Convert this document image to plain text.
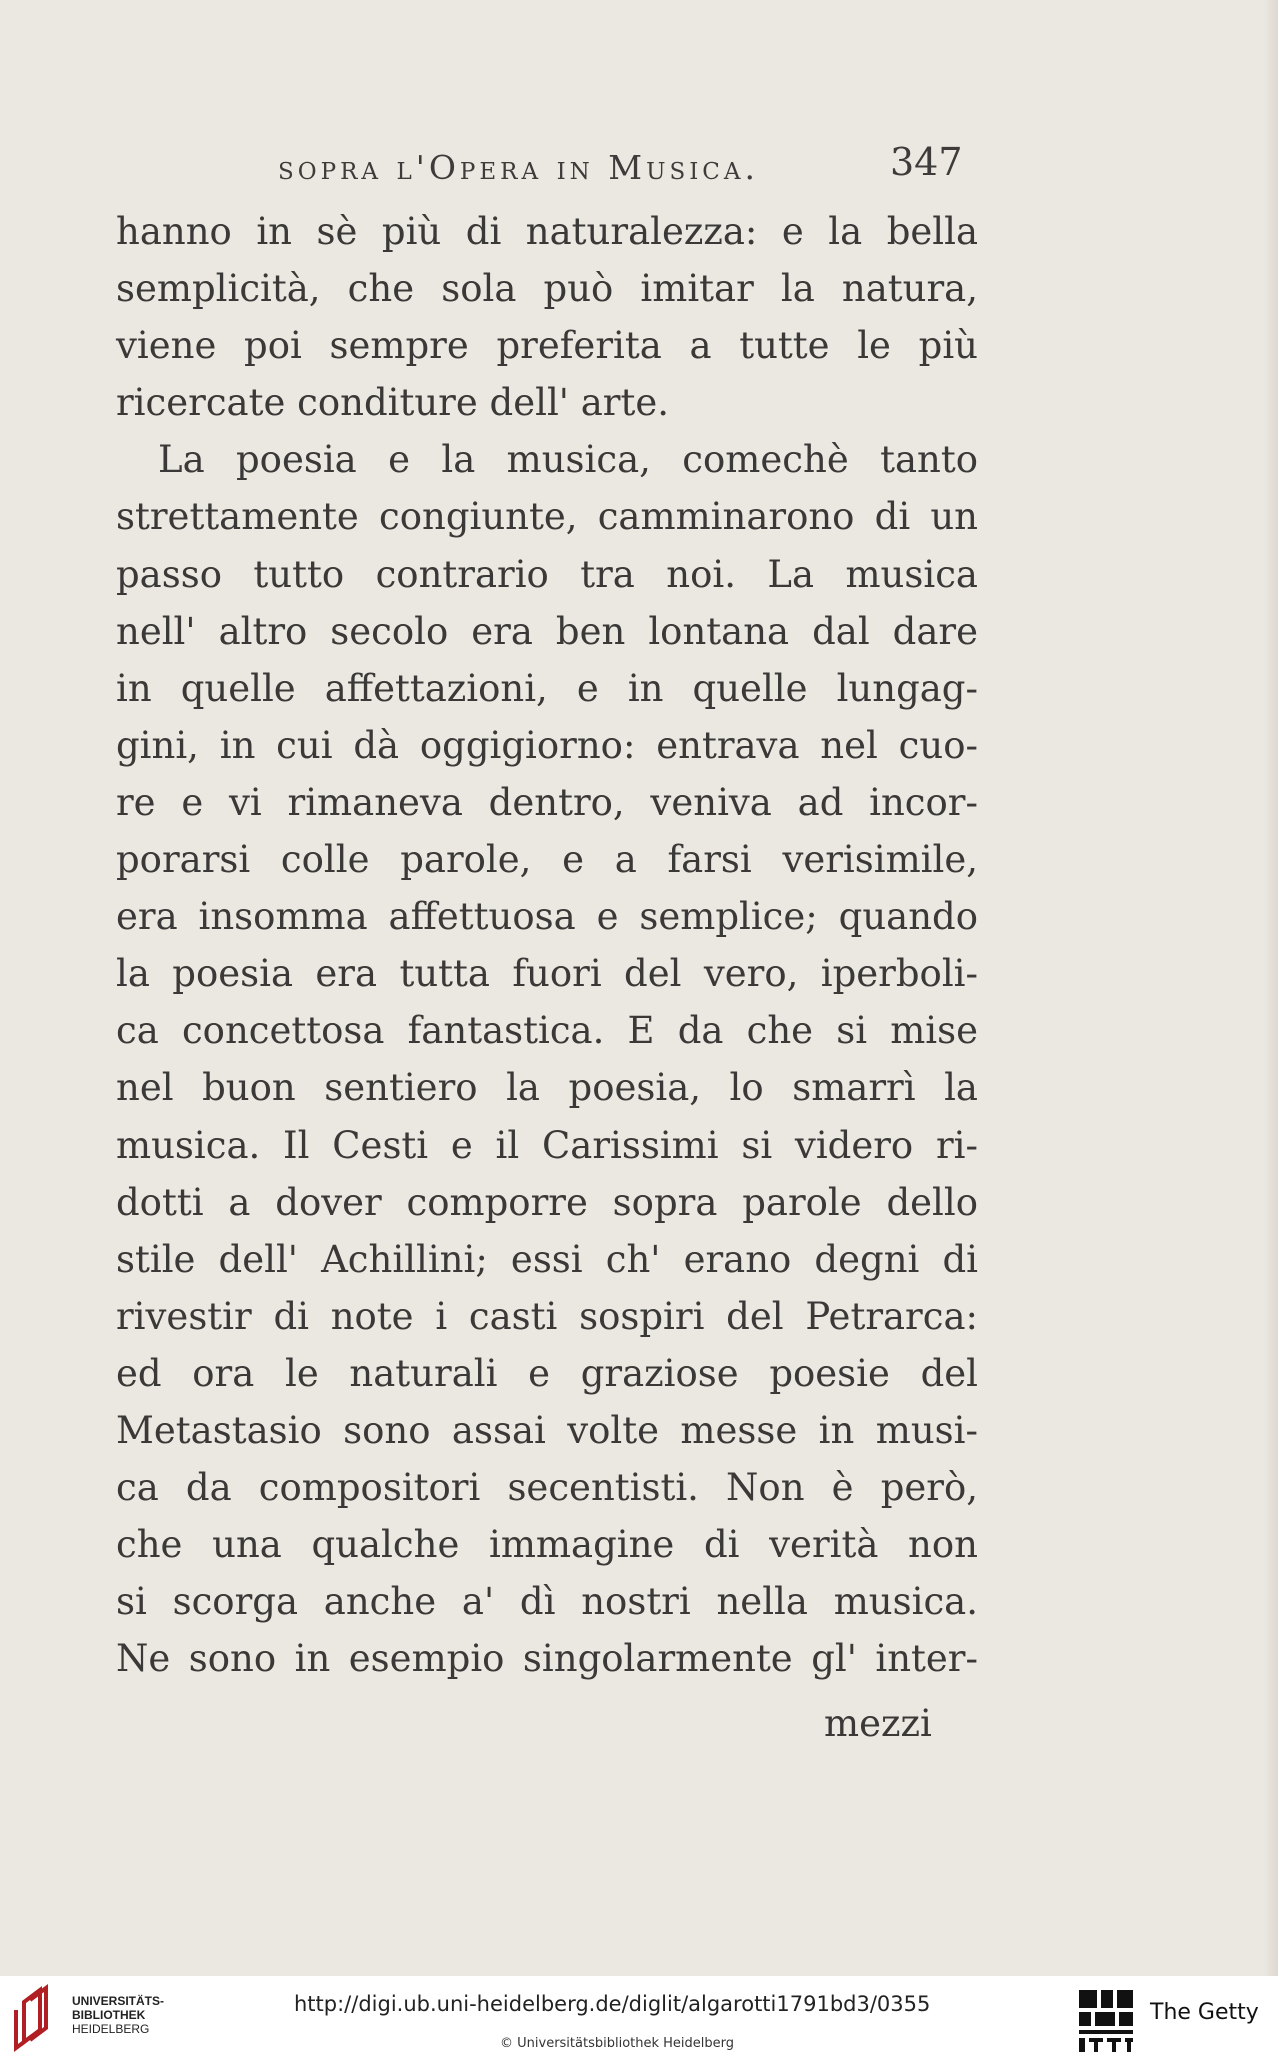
sopra l'Opera in Musica.	347
hanno in sè più di naturalezza: e la bella
semplicità, che sola può imitar la natura,
viene poi sempre preferita a tutte le più
ricercate conditure dell' arte.
La poesia e la musica, comechè tanto
strettamente congiunte, camminarono di un
passo tutto contrario tra noi. La musica
nell' altro secolo era ben lontana dal dare
in quelle affettazioni, e in quelle lungag-
gini, in cui dà oggigiorno: entrava nel cuo-
re e vi rimaneva dentro, veniva ad incor-
porarsi colle parole, e a farsi verisimile,
era insomma affettuosa e semplice; quando
la poesia era tutta fuori del vero, iperboli-
ca concettosa fantastica. E da che si mise
nel buon sentiero la poesia, lo smarrì la
musica. Il Cesti e il Carissimi si videro ri-
dotti a dover comporre sopra parole dello
stile dell' Achillini; essi ch' erano degni di
rivestir di note i casti sospiri del Petrarca:
ed ora le naturali e graziose poesie del
Metastasio sono assai volte messe in musi-
ca da compositori secentisti. Non è però,
che una qualche immagine di verità non
si scorga anche a' dì nostri nella musica.
Ne sono in esempio singolarmente gl' inter-
mezzi
UNIVERSITÄTS-
BIBLIOTHEK
HEIDELBERG
http://digi.ub.uni-heidelberg.de/diglit/algarotti1791bd3/0355
© Universitätsbibliothek Heidelberg
The Getty
